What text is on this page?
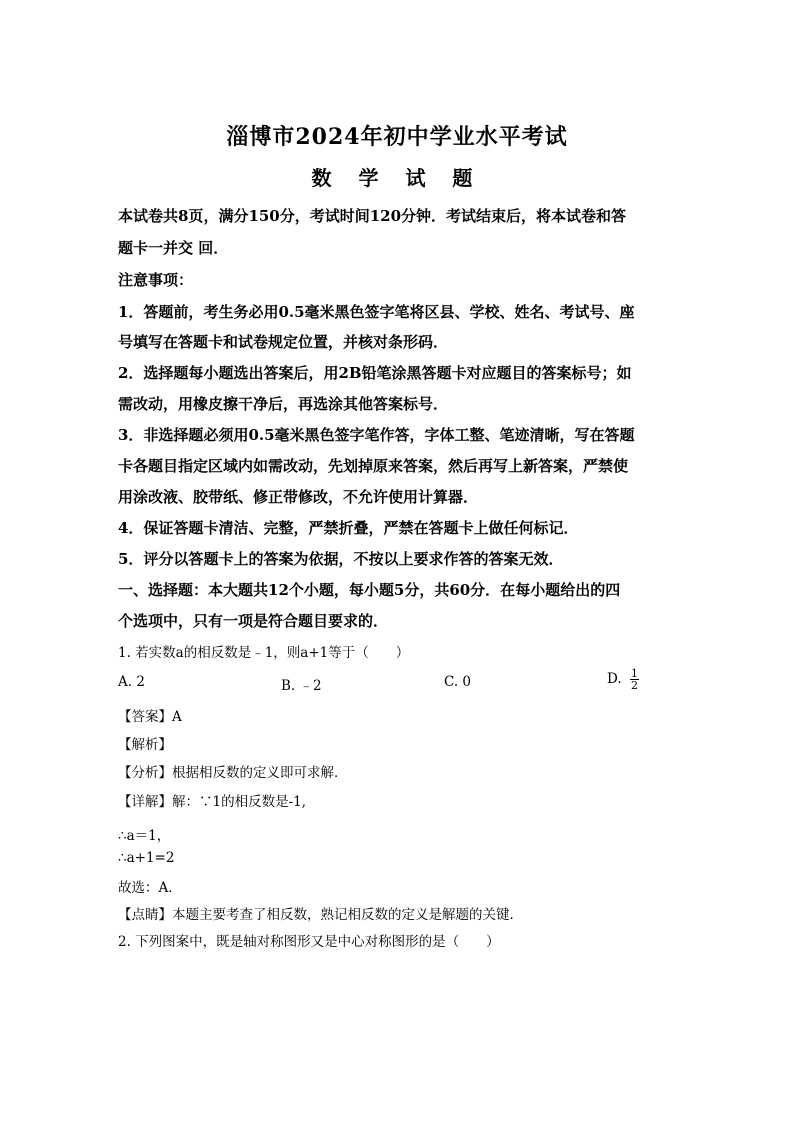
淄博市2024年初中学业水平考试
数 学 试 题
本试卷共8页，满分150分，考试时间120分钟．考试结束后，将本试卷和答
题卡一并交 回．
注意事项：
1．答题前，考生务必用0.5毫米黑色签字笔将区县、学校、姓名、考试号、座
号填写在答题卡和试卷规定位置，并核对条形码．
2．选择题每小题选出答案后，用2B铅笔涂黑答题卡对应题目的答案标号；如
需改动，用橡皮擦干净后，再选涂其他答案标号．
3．非选择题必须用0.5毫米黑色签字笔作答，字体工整、笔迹清晰，写在答题
卡各题目指定区域内如需改动，先划掉原来答案，然后再写上新答案，严禁使
用涂改液、胶带纸、修正带修改，不允许使用计算器．
4．保证答题卡清洁、完整，严禁折叠，严禁在答题卡上做任何标记．
5．评分以答题卡上的答案为依据，不按以上要求作答的答案无效．
一、选择题：本大题共12个小题，每小题5分，共60分．在每小题给出的四
个选项中，只有一项是符合题目要求的．
1. 若实数a的相反数是﹣1，则a+1等于（　　）
A. 2	B. ﹣2	C. 0	D. $\frac{1}{2}$
【答案】A
【解析】
【分析】根据相反数的定义即可求解．
【详解】解：∵1的相反数是-1,
∴a＝1，
∴a+1=2
故选：A．
【点睛】本题主要考查了相反数，熟记相反数的定义是解题的关键．
2. 下列图案中，既是轴对称图形又是中心对称图形的是（　　）
